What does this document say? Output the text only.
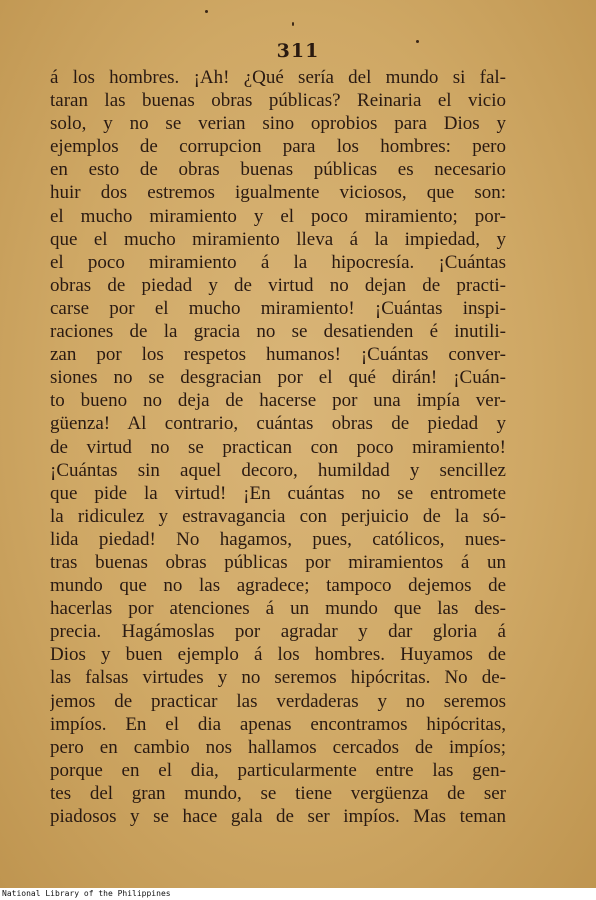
311
á los hombres. ¡Ah! ¿Qué sería del mundo si fal-
taran las buenas obras públicas? Reinaria el vicio
solo, y no se verian sino oprobios para Dios y
ejemplos de corrupcion para los hombres: pero
en esto de obras buenas públicas es necesario
huir dos estremos igualmente viciosos, que son:
el mucho miramiento y el poco miramiento; por-
que el mucho miramiento lleva á la impiedad, y
el poco miramiento á la hipocresía. ¡Cuántas
obras de piedad y de virtud no dejan de practi-
carse por el mucho miramiento! ¡Cuántas inspi-
raciones de la gracia no se desatienden é inutili-
zan por los respetos humanos! ¡Cuántas conver-
siones no se desgracian por el qué dirán! ¡Cuán-
to bueno no deja de hacerse por una impía ver-
güenza! Al contrario, cuántas obras de piedad y
de virtud no se practican con poco miramiento!
¡Cuántas sin aquel decoro, humildad y sencillez
que pide la virtud! ¡En cuántas no se entromete
la ridiculez y estravagancia con perjuicio de la só-
lida piedad! No hagamos, pues, católicos, nues-
tras buenas obras públicas por miramientos á un
mundo que no las agradece; tampoco dejemos de
hacerlas por atenciones á un mundo que las des-
precia. Hagámoslas por agradar y dar gloria á
Dios y buen ejemplo á los hombres. Huyamos de
las falsas virtudes y no seremos hipócritas. No de-
jemos de practicar las verdaderas y no seremos
impíos. En el dia apenas encontramos hipócritas,
pero en cambio nos hallamos cercados de impíos;
porque en el dia, particularmente entre las gen-
tes del gran mundo, se tiene vergüenza de ser
piadosos y se hace gala de ser impíos. Mas teman
National Library of the Philippines
